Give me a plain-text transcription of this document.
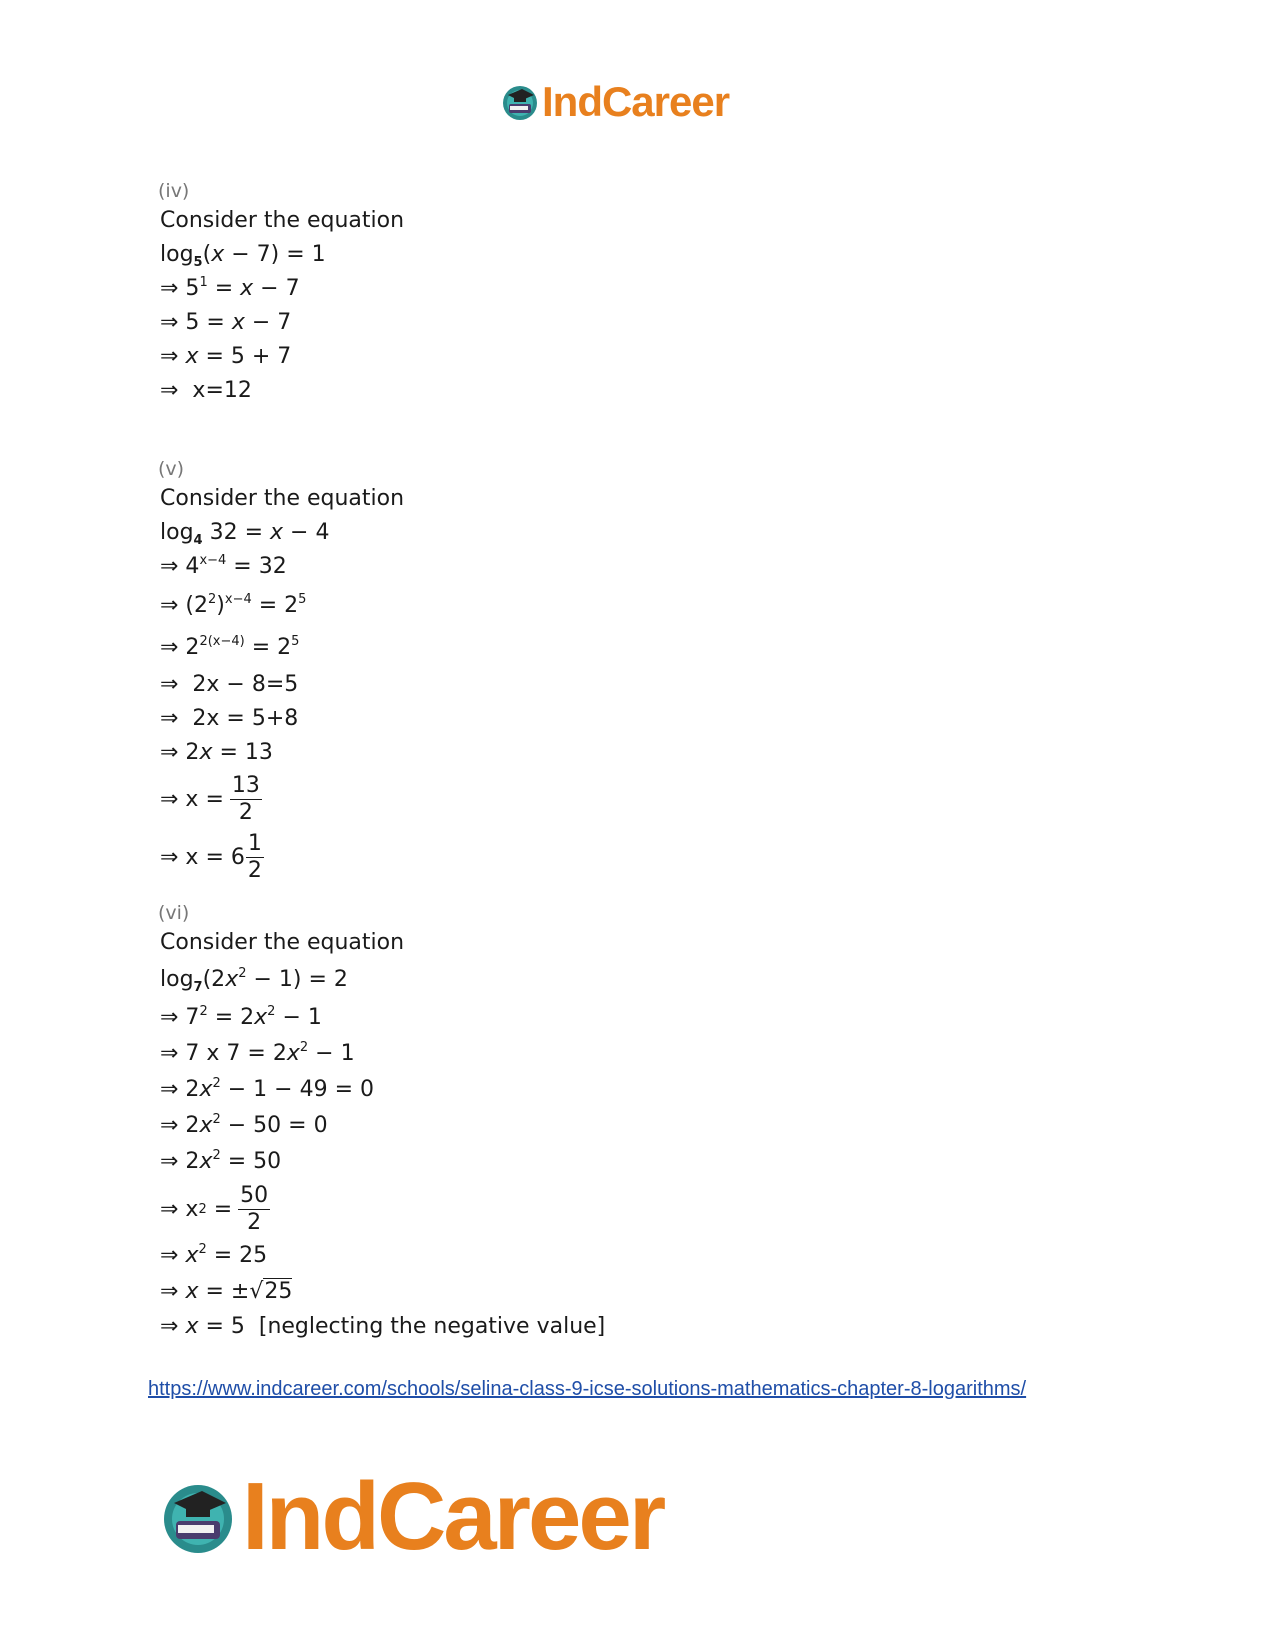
IndCareer
(iv)
Consider the equation
$\log_5(x - 7) = 1$
⇒ $5^1 = x - 7$
⇒ 5 = x − 7
⇒ x = 5 + 7
⇒  x=12
(v)
Consider the equation
$\log_4 32 = x - 4$
⇒ $4^{x-4} = 32$
⇒ $(2^2)^{x-4} = 2^5$
⇒ $2^{2(x-4)} = 2^5$
⇒  2x − 8=5
⇒  2x = 5+8
⇒ 2x = 13
⇒ $x = \frac{13}{2}$
⇒ $x = 6 \frac{1}{2}$
(vi)
Consider the equation
$\log_7(2x^2 - 1) = 2$
⇒ $7^2 = 2x^2 - 1$
⇒ 7 x $7 = 2x^2 - 1$
⇒ $2x^2 - 1 - 49 = 0$
⇒ $2x^2 - 50 = 0$
⇒ $2x^2 = 50$
⇒ x $2 = \frac{50}{2}$
⇒ $x^2 = 25$
⇒ x = ±√25
⇒ x = 5  [neglecting the negative value]
https://www.indcareer.com/schools/selina-class-9-icse-solutions-mathematics-chapter-8-logarithms/
IndCareer
